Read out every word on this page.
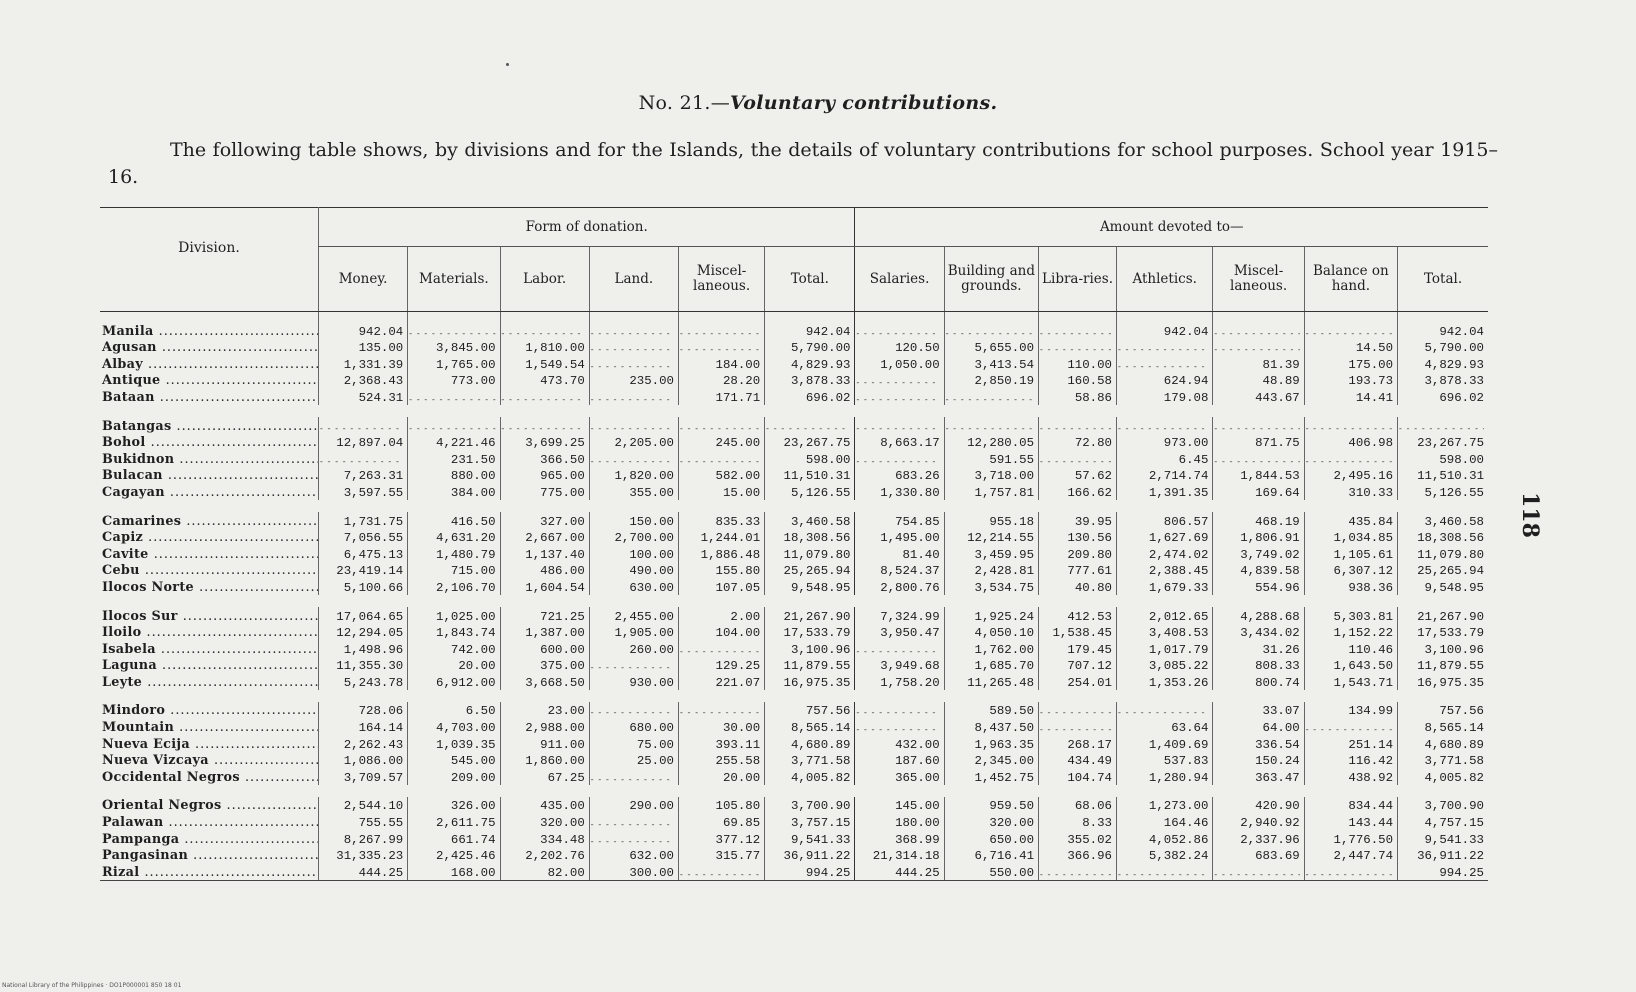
No. 21.—Voluntary contributions.
The following table shows, by divisions and for the Islands, the details of voluntary contributions for school purposes. School year 1915–16.
118
Division.	Form of donation.						Amount devoted to—						
	Money.	Materials.	Labor.	Land.	Miscel-laneous.	Total.	Salaries.	Building and grounds.	Libra-ries.	Athletics.	Miscel-laneous.	Balance on hand.	Total.
Manila .....	942.04	- - -	- - -	- - -	- - -	942.04	- - -	- - -	- - -	942.04	- - -	- - -	942.04
Agusan .....	135.00	3,845.00	1,810.00	- - -	- - -	5,790.00	120.50	5,655.00	- - -	- - -	- - -	14.50	5,790.00
Albay .....	1,331.39	1,765.00	1,549.54	- - -	184.00	4,829.93	1,050.00	3,413.54	110.00	- - -	81.39	175.00	4,829.93
Antique .....	2,368.43	773.00	473.70	235.00	28.20	3,878.33	- - -	2,850.19	160.58	624.94	48.89	193.73	3,878.33
Bataan .....	524.31	- - -	- - -	- - -	171.71	696.02	- - -	- - -	58.86	179.08	443.67	14.41	696.02

Batangas .....	- - -	- - -	- - -	- - -	- - -	- - -	- - -	- - -	- - -	- - -	- - -	- - -	- - -
Bohol .....	12,897.04	4,221.46	3,699.25	2,205.00	245.00	23,267.75	8,663.17	12,280.05	72.80	973.00	871.75	406.98	23,267.75
Bukidnon .....	- - -	231.50	366.50	- - -	- - -	598.00	- - -	591.55	- - -	6.45	- - -	- - -	598.00
Bulacan .....	7,263.31	880.00	965.00	1,820.00	582.00	11,510.31	683.26	3,718.00	57.62	2,714.74	1,844.53	2,495.16	11,510.31
Cagayan .....	3,597.55	384.00	775.00	355.00	15.00	5,126.55	1,330.80	1,757.81	166.62	1,391.35	169.64	310.33	5,126.55

Camarines .....	1,731.75	416.50	327.00	150.00	835.33	3,460.58	754.85	955.18	39.95	806.57	468.19	435.84	3,460.58
Capiz .....	7,056.55	4,631.20	2,667.00	2,700.00	1,244.01	18,308.56	1,495.00	12,214.55	130.56	1,627.69	1,806.91	1,034.85	18,308.56
Cavite .....	6,475.13	1,480.79	1,137.40	100.00	1,886.48	11,079.80	81.40	3,459.95	209.80	2,474.02	3,749.02	1,105.61	11,079.80
Cebu .....	23,419.14	715.00	486.00	490.00	155.80	25,265.94	8,524.37	2,428.81	777.61	2,388.45	4,839.58	6,307.12	25,265.94
Ilocos Norte .....	5,100.66	2,106.70	1,604.54	630.00	107.05	9,548.95	2,800.76	3,534.75	40.80	1,679.33	554.96	938.36	9,548.95

Ilocos Sur .....	17,064.65	1,025.00	721.25	2,455.00	2.00	21,267.90	7,324.99	1,925.24	412.53	2,012.65	4,288.68	5,303.81	21,267.90
Iloilo .....	12,294.05	1,843.74	1,387.00	1,905.00	104.00	17,533.79	3,950.47	4,050.10	1,538.45	3,408.53	3,434.02	1,152.22	17,533.79
Isabela .....	1,498.96	742.00	600.00	260.00	- - -	3,100.96	- - -	1,762.00	179.45	1,017.79	31.26	110.46	3,100.96
Laguna .....	11,355.30	20.00	375.00	- - -	129.25	11,879.55	3,949.68	1,685.70	707.12	3,085.22	808.33	1,643.50	11,879.55
Leyte .....	5,243.78	6,912.00	3,668.50	930.00	221.07	16,975.35	1,758.20	11,265.48	254.01	1,353.26	800.74	1,543.71	16,975.35

Mindoro .....	728.06	6.50	23.00	- - -	- - -	757.56	- - -	589.50	- - -	- - -	33.07	134.99	757.56
Mountain .....	164.14	4,703.00	2,988.00	680.00	30.00	8,565.14	- - -	8,437.50	- - -	63.64	64.00	- - -	8,565.14
Nueva Ecija .....	2,262.43	1,039.35	911.00	75.00	393.11	4,680.89	432.00	1,963.35	268.17	1,409.69	336.54	251.14	4,680.89
Nueva Vizcaya .....	1,086.00	545.00	1,860.00	25.00	255.58	3,771.58	187.60	2,345.00	434.49	537.83	150.24	116.42	3,771.58
Occidental Negros .....	3,709.57	209.00	67.25	- - -	20.00	4,005.82	365.00	1,452.75	104.74	1,280.94	363.47	438.92	4,005.82

Oriental Negros .....	2,544.10	326.00	435.00	290.00	105.80	3,700.90	145.00	959.50	68.06	1,273.00	420.90	834.44	3,700.90
Palawan .....	755.55	2,611.75	320.00	- - -	69.85	3,757.15	180.00	320.00	8.33	164.46	2,940.92	143.44	4,757.15
Pampanga .....	8,267.99	661.74	334.48	- - -	377.12	9,541.33	368.99	650.00	355.02	4,052.86	2,337.96	1,776.50	9,541.33
Pangasinan .....	31,335.23	2,425.46	2,202.76	632.00	315.77	36,911.22	21,314.18	6,716.41	366.96	5,382.24	683.69	2,447.74	36,911.22
Rizal .....	444.25	168.00	82.00	300.00	- - -	994.25	444.25	550.00	- - -	- - -	- - -	- - -	994.25
National Library of the Philippines · DO1P000001 850 18 01
